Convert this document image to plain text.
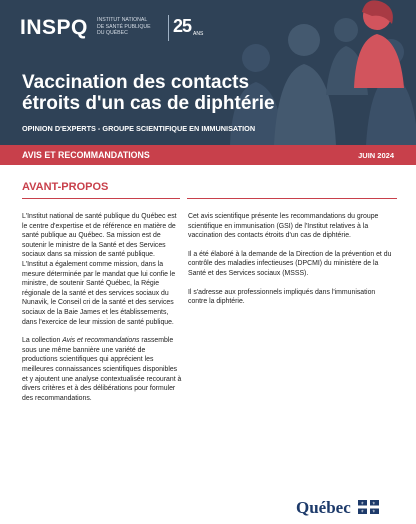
INSPQ INSTITUT NATIONAL
DE SANTÉ PUBLIQUE
DU QUÉBEC	25 ANS
Vaccination des contacts
étroits d'un cas de diphtérie
OPINION D'EXPERTS - GROUPE SCIENTIFIQUE EN IMMUNISATION
AVIS ET RECOMMANDATIONS	JUIN 2024
AVANT-PROPOS

L'Institut national de santé publique du Québec est le centre d'expertise et de référence en matière de santé publique au Québec. Sa mission est de soutenir le ministre de la Santé et des Services sociaux dans sa mission de santé publique. L'Institut a également comme mission, dans la mesure déterminée par le mandat que lui confie le ministre, de soutenir Santé Québec, la Régie régionale de la santé et des services sociaux du Nunavik, le Conseil cri de la santé et des services sociaux de la Baie James et les établissements, dans l'exercice de leur mission de santé publique.

La collection Avis et recommandations rassemble sous une même bannière une variété de productions scientifiques qui apprécient les meilleures connaissances scientifiques disponibles et y ajoutent une analyse contextualisée recourant à divers critères et à des délibérations pour formuler des recommandations.

Cet avis scientifique présente les recommandations du groupe scientifique en immunisation (GSI) de l'Institut relatives à la vaccination des contacts étroits d'un cas de diphtérie.

Il a été élaboré à la demande de la Direction de la prévention et du contrôle des maladies infectieuses (DPCMI) du ministère de la Santé et des Services sociaux (MSSS).

Il s'adresse aux professionnels impliqués dans l'immunisation contre la diphtérie.

Québec ⚜ ⚜
⚜ ⚜
